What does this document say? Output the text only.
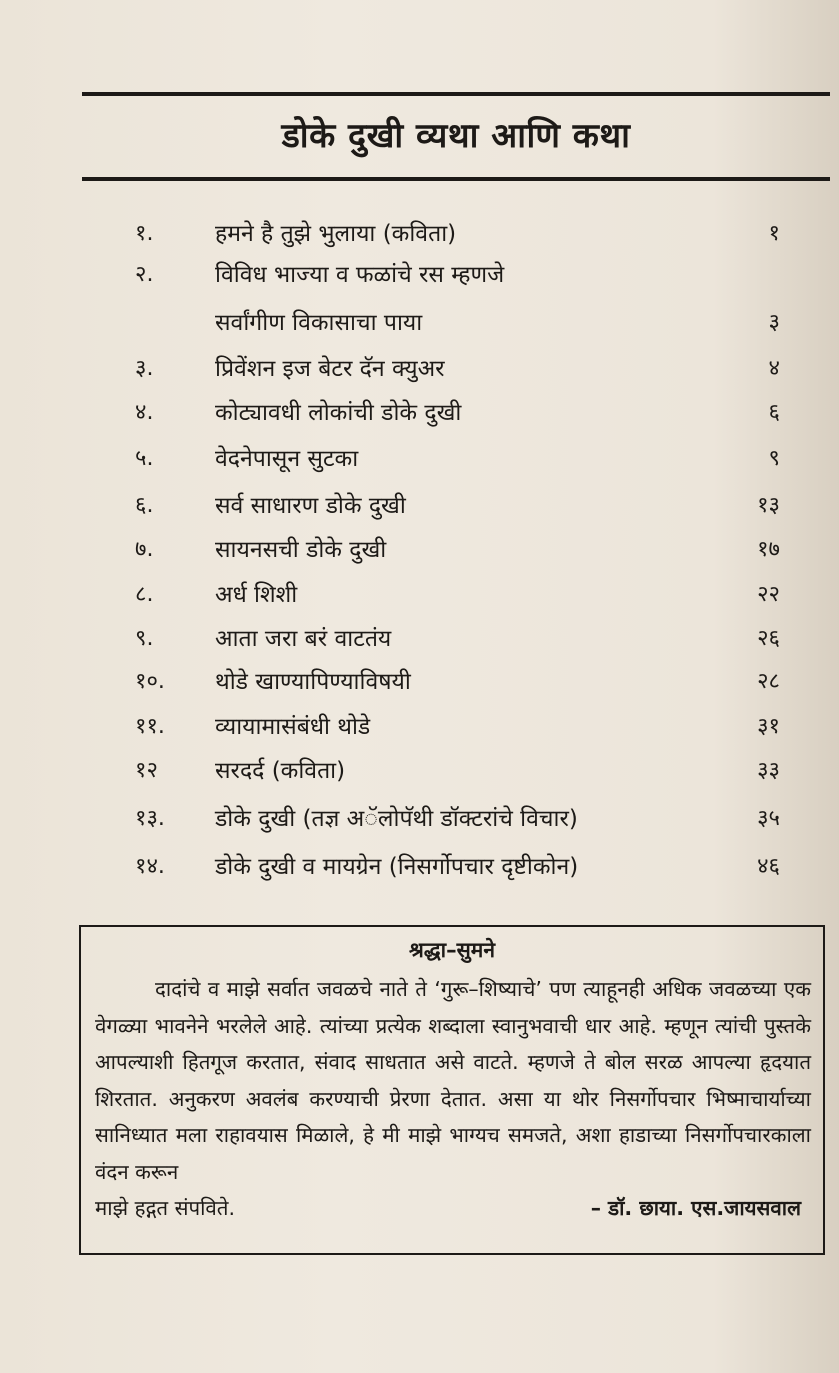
डोके दुखी व्यथा आणि कथा
१.	हमने है तुझे भुलाया (कविता)	१
२.	विविध भाज्या व फळांचे रस म्हणजे
सर्वांगीण विकासाचा पाया	३
३.	प्रिवेंशन इज बेटर दॅन क्युअर	४
४.	कोट्यावधी लोकांची डोके दुखी	६
५.	वेदनेपासून सुटका	९
६.	सर्व साधारण डोके दुखी	१३
७.	सायनसची डोके दुखी	१७
८.	अर्ध शिशी	२२
९.	आता जरा बरं वाटतंय	२६
१०. थोडे खाण्यापिण्याविषयी	२८
११. व्यायामासंबंधी थोडे	३१
१२ सरदर्द (कविता)	३३
१३. डोके दुखी (तज्ञ अॅलोपॅथी डॉक्टरांचे विचार)	३५
१४. डोके दुखी व मायग्रेन (निसर्गोपचार दृष्टीकोन)	४६
श्रद्धा–सुमने

दादांचे व माझे सर्वात जवळचे नाते ते ‘गुरू–शिष्याचे’ पण त्याहूनही अधिक जवळच्या एक वेगळ्या भावनेने भरलेले आहे. त्यांच्या प्रत्येक शब्दाला स्वानुभवाची धार आहे. म्हणून त्यांची पुस्तके आपल्याशी हितगूज करतात, संवाद साधतात असे वाटते. म्हणजे ते बोल सरळ आपल्या हृदयात शिरतात. अनुकरण अवलंब करण्याची प्रेरणा देतात. असा या थोर निसर्गोपचार भिष्माचार्याच्या सानिध्यात मला राहावयास मिळाले, हे मी माझे भाग्यच समजते, अशा हाडाच्या निसर्गोपचारकाला वंदन करून

माझे हद्गत संपविते.	– डॉ. छाया. एस.जायसवाल
